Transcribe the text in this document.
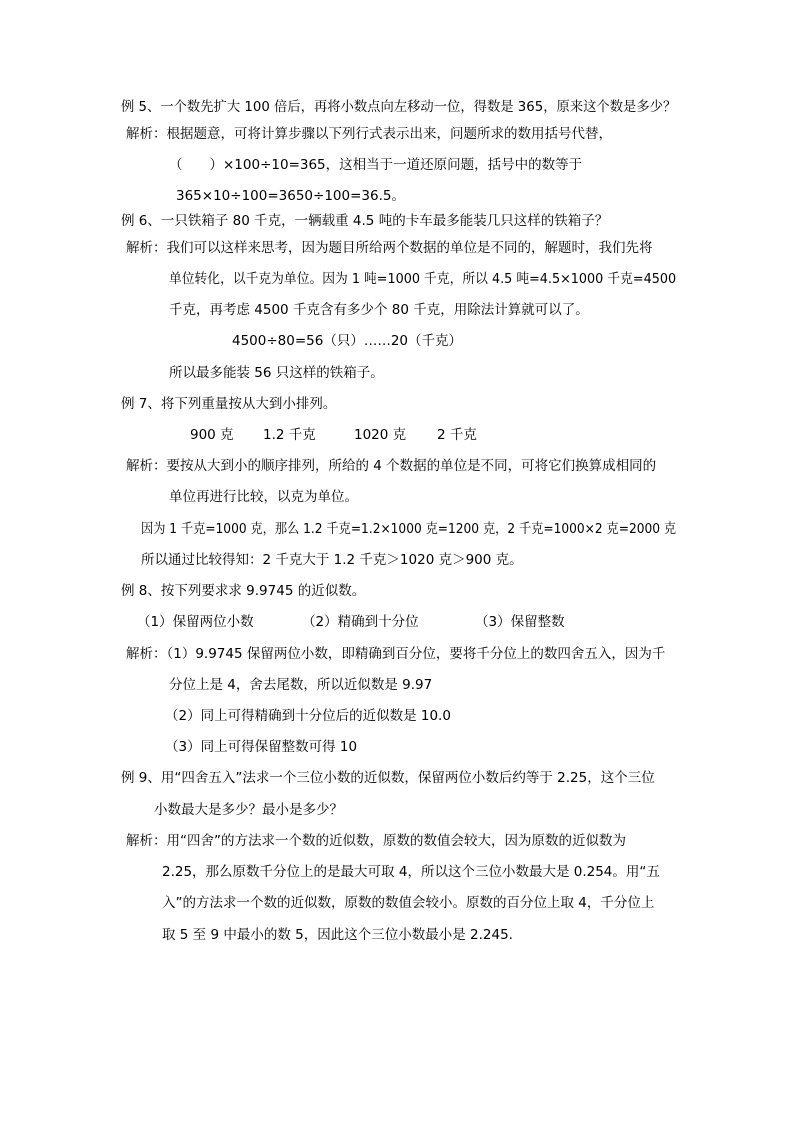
例 5、一个数先扩大 100 倍后，再将小数点向左移动一位，得数是 365，原来这个数是多少？
解析：根据题意，可将计算步骤以下列行式表示出来，问题所求的数用括号代替，
（　　）×100÷10=365，这相当于一道还原问题，括号中的数等于
365×10÷100=3650÷100=36.5。
例 6、一只铁箱子 80 千克，一辆载重 4.5 吨的卡车最多能装几只这样的铁箱子？
解析：我们可以这样来思考，因为题目所给两个数据的单位是不同的，解题时，我们先将
单位转化，以千克为单位。因为 1 吨=1000 千克，所以 4.5 吨=4.5×1000 千克=4500
千克，再考虑 4500 千克含有多少个 80 千克，用除法计算就可以了。
4500÷80=56（只）……20（千克）
所以最多能装 56 只这样的铁箱子。
例 7、将下列重量按从大到小排列。
900 克 1.2 千克	1020 克 2 千克
解析：要按从大到小的顺序排列，所给的 4 个数据的单位是不同，可将它们换算成相同的
单位再进行比较，以克为单位。
因为 1 千克=1000 克，那么 1.2 千克=1.2×1000 克=1200 克，2 千克=1000×2 克=2000 克
所以通过比较得知：2 千克大于 1.2 千克＞1020 克＞900 克。
例 8、按下列要求求 9.9745 的近似数。
（1）保留两位小数	（2）精确到十分位	（3）保留整数
解析：（1）9.9745 保留两位小数，即精确到百分位，要将千分位上的数四舍五入，因为千
分位上是 4，舍去尾数，所以近似数是 9.97
（2）同上可得精确到十分位后的近似数是 10.0
（3）同上可得保留整数可得 10
例 9、用“四舍五入”法求一个三位小数的近似数，保留两位小数后约等于 2.25，这个三位
小数最大是多少？最小是多少？
解析：用“四舍”的方法求一个数的近似数，原数的数值会较大，因为原数的近似数为
2.25，那么原数千分位上的是最大可取 4，所以这个三位小数最大是 0.254。用“五
入”的方法求一个数的近似数，原数的数值会较小。原数的百分位上取 4，千分位上
取 5 至 9 中最小的数 5，因此这个三位小数最小是 2.245.
